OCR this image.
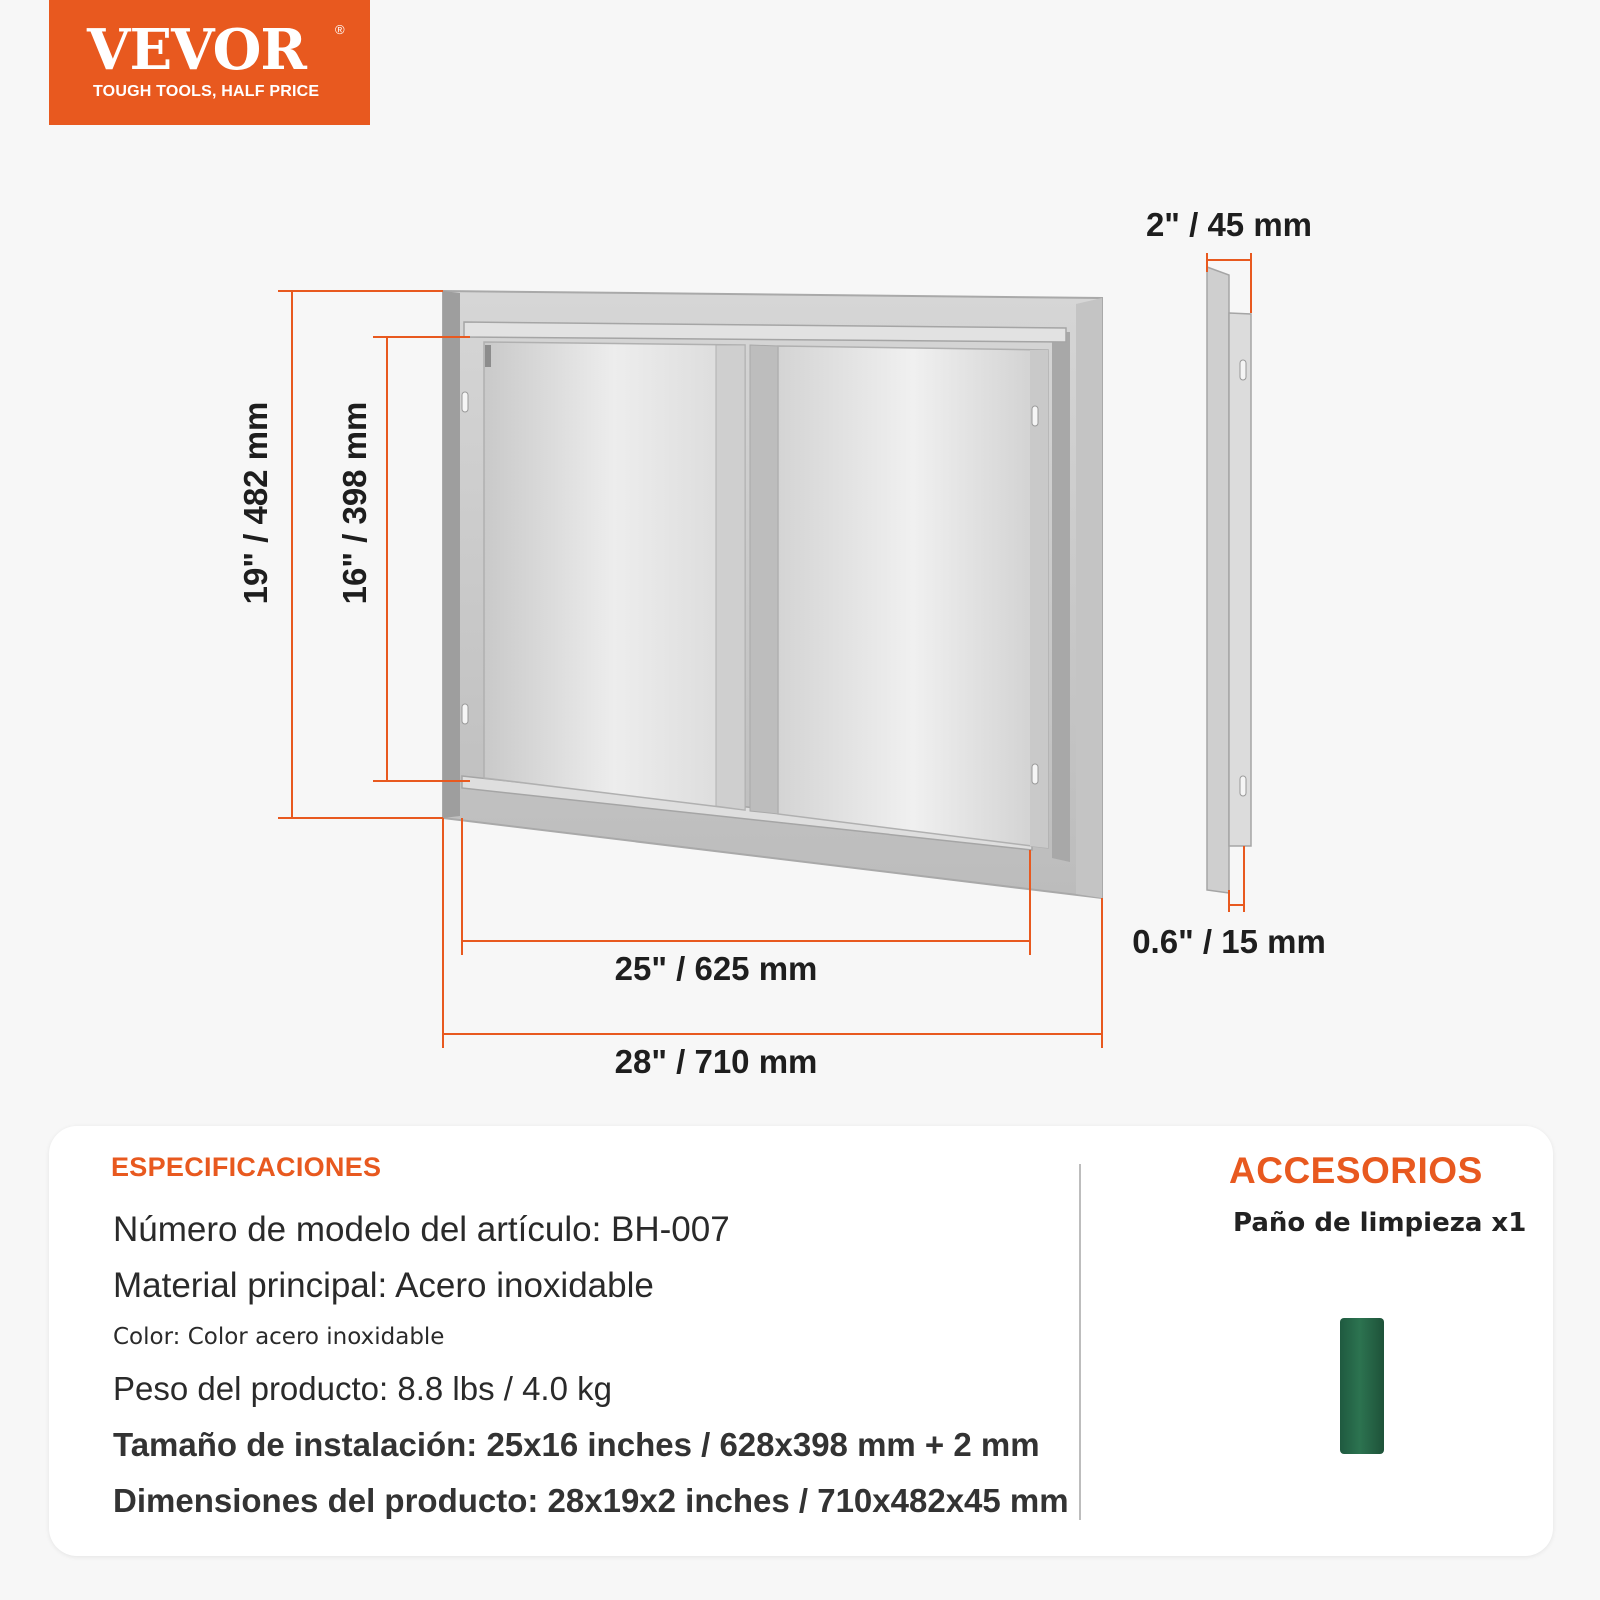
VEVOR ®
TOUGH TOOLS, HALF PRICE
19" / 482 mm 16" / 398 mm
2" / 45 mm
0.6" / 15 mm
25" / 625 mm
28" / 710 mm
ESPECIFICACIONES
Número de modelo del artículo: BH-007
Material principal: Acero inoxidable
Color: Color acero inoxidable
Peso del producto: 8.8 lbs / 4.0 kg
Tamaño de instalación: 25x16 inches / 628x398 mm + 2 mm
Dimensiones del producto: 28x19x2 inches / 710x482x45 mm
ACCESORIOS
Paño de limpieza x1
